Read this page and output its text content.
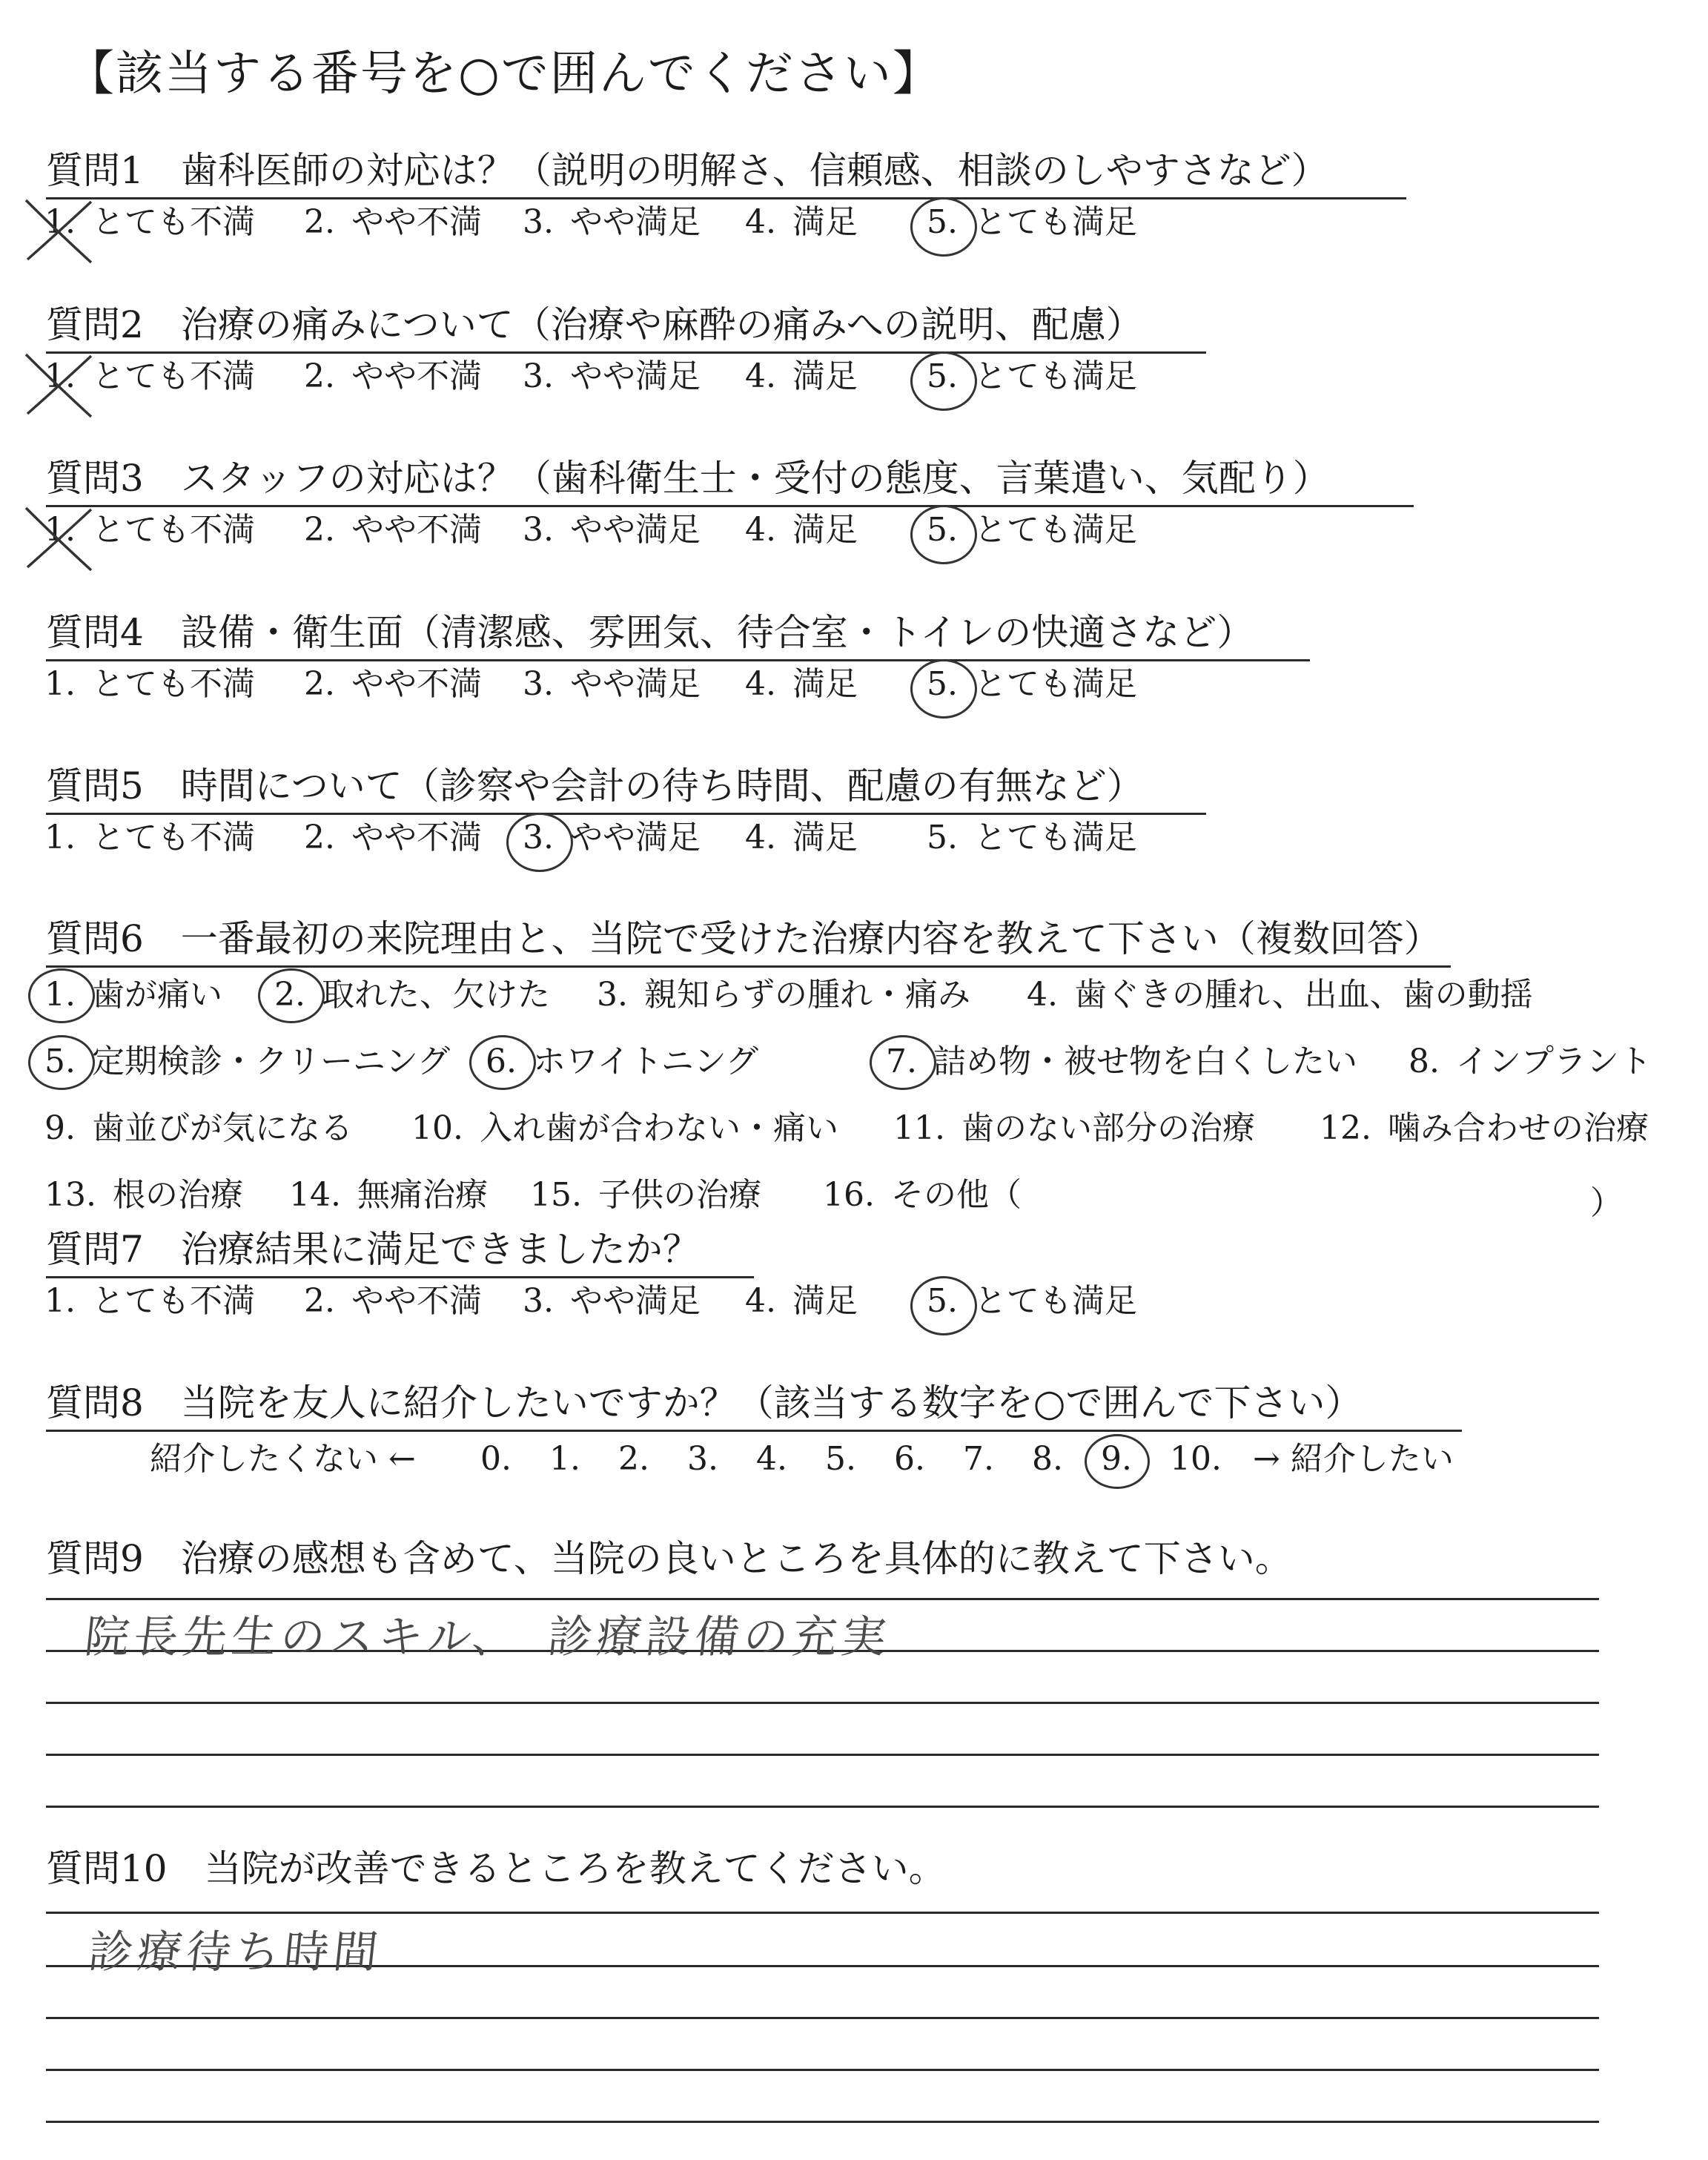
【該当する番号を○で囲んでください】
質問1　歯科医師の対応は？（説明の明解さ、信頼感、相談のしやすさなど）
1. とても不満 2. やや不満 3. やや満足 4. 満足 5. とても満足
質問2　治療の痛みについて（治療や麻酔の痛みへの説明、配慮）
1. とても不満 2. やや不満 3. やや満足 4. 満足 5. とても満足
質問3　スタッフの対応は？（歯科衛生士・受付の態度、言葉遣い、気配り）
1. とても不満 2. やや不満 3. やや満足 4. 満足 5. とても満足
質問4　設備・衛生面（清潔感、雰囲気、待合室・トイレの快適さなど）
1. とても不満 2. やや不満 3. やや満足 4. 満足 5. とても満足
質問5　時間について（診察や会計の待ち時間、配慮の有無など）
1. とても不満 2. やや不満 3. やや満足 4. 満足 5. とても満足
質問6　一番最初の来院理由と、当院で受けた治療内容を教えて下さい（複数回答）
1. 歯が痛い 2. 取れた、欠けた 3. 親知らずの腫れ・痛み 4. 歯ぐきの腫れ、出血、歯の動揺
5. 定期検診・クリーニング 6. ホワイトニング	7. 詰め物・被せ物を白くしたい 8. インプラント
9. 歯並びが気になる 10. 入れ歯が合わない・痛い 11. 歯のない部分の治療 12. 噛み合わせの治療
13. 根の治療 14. 無痛治療 15. 子供の治療 16. その他（	）
質問7　治療結果に満足できましたか？
1. とても不満 2. やや不満 3. やや満足 4. 満足 5. とても満足
質問8　当院を友人に紹介したいですか？（該当する数字を○で囲んで下さい）
紹介したくない ← 0. 1. 2. 3. 4. 5. 6. 7. 8. 9. 10. → 紹介したい
質問9　治療の感想も含めて、当院の良いところを具体的に教えて下さい。
院長先生のスキル、　診療設備の充実
質問10　当院が改善できるところを教えてください。
診療待ち時間
